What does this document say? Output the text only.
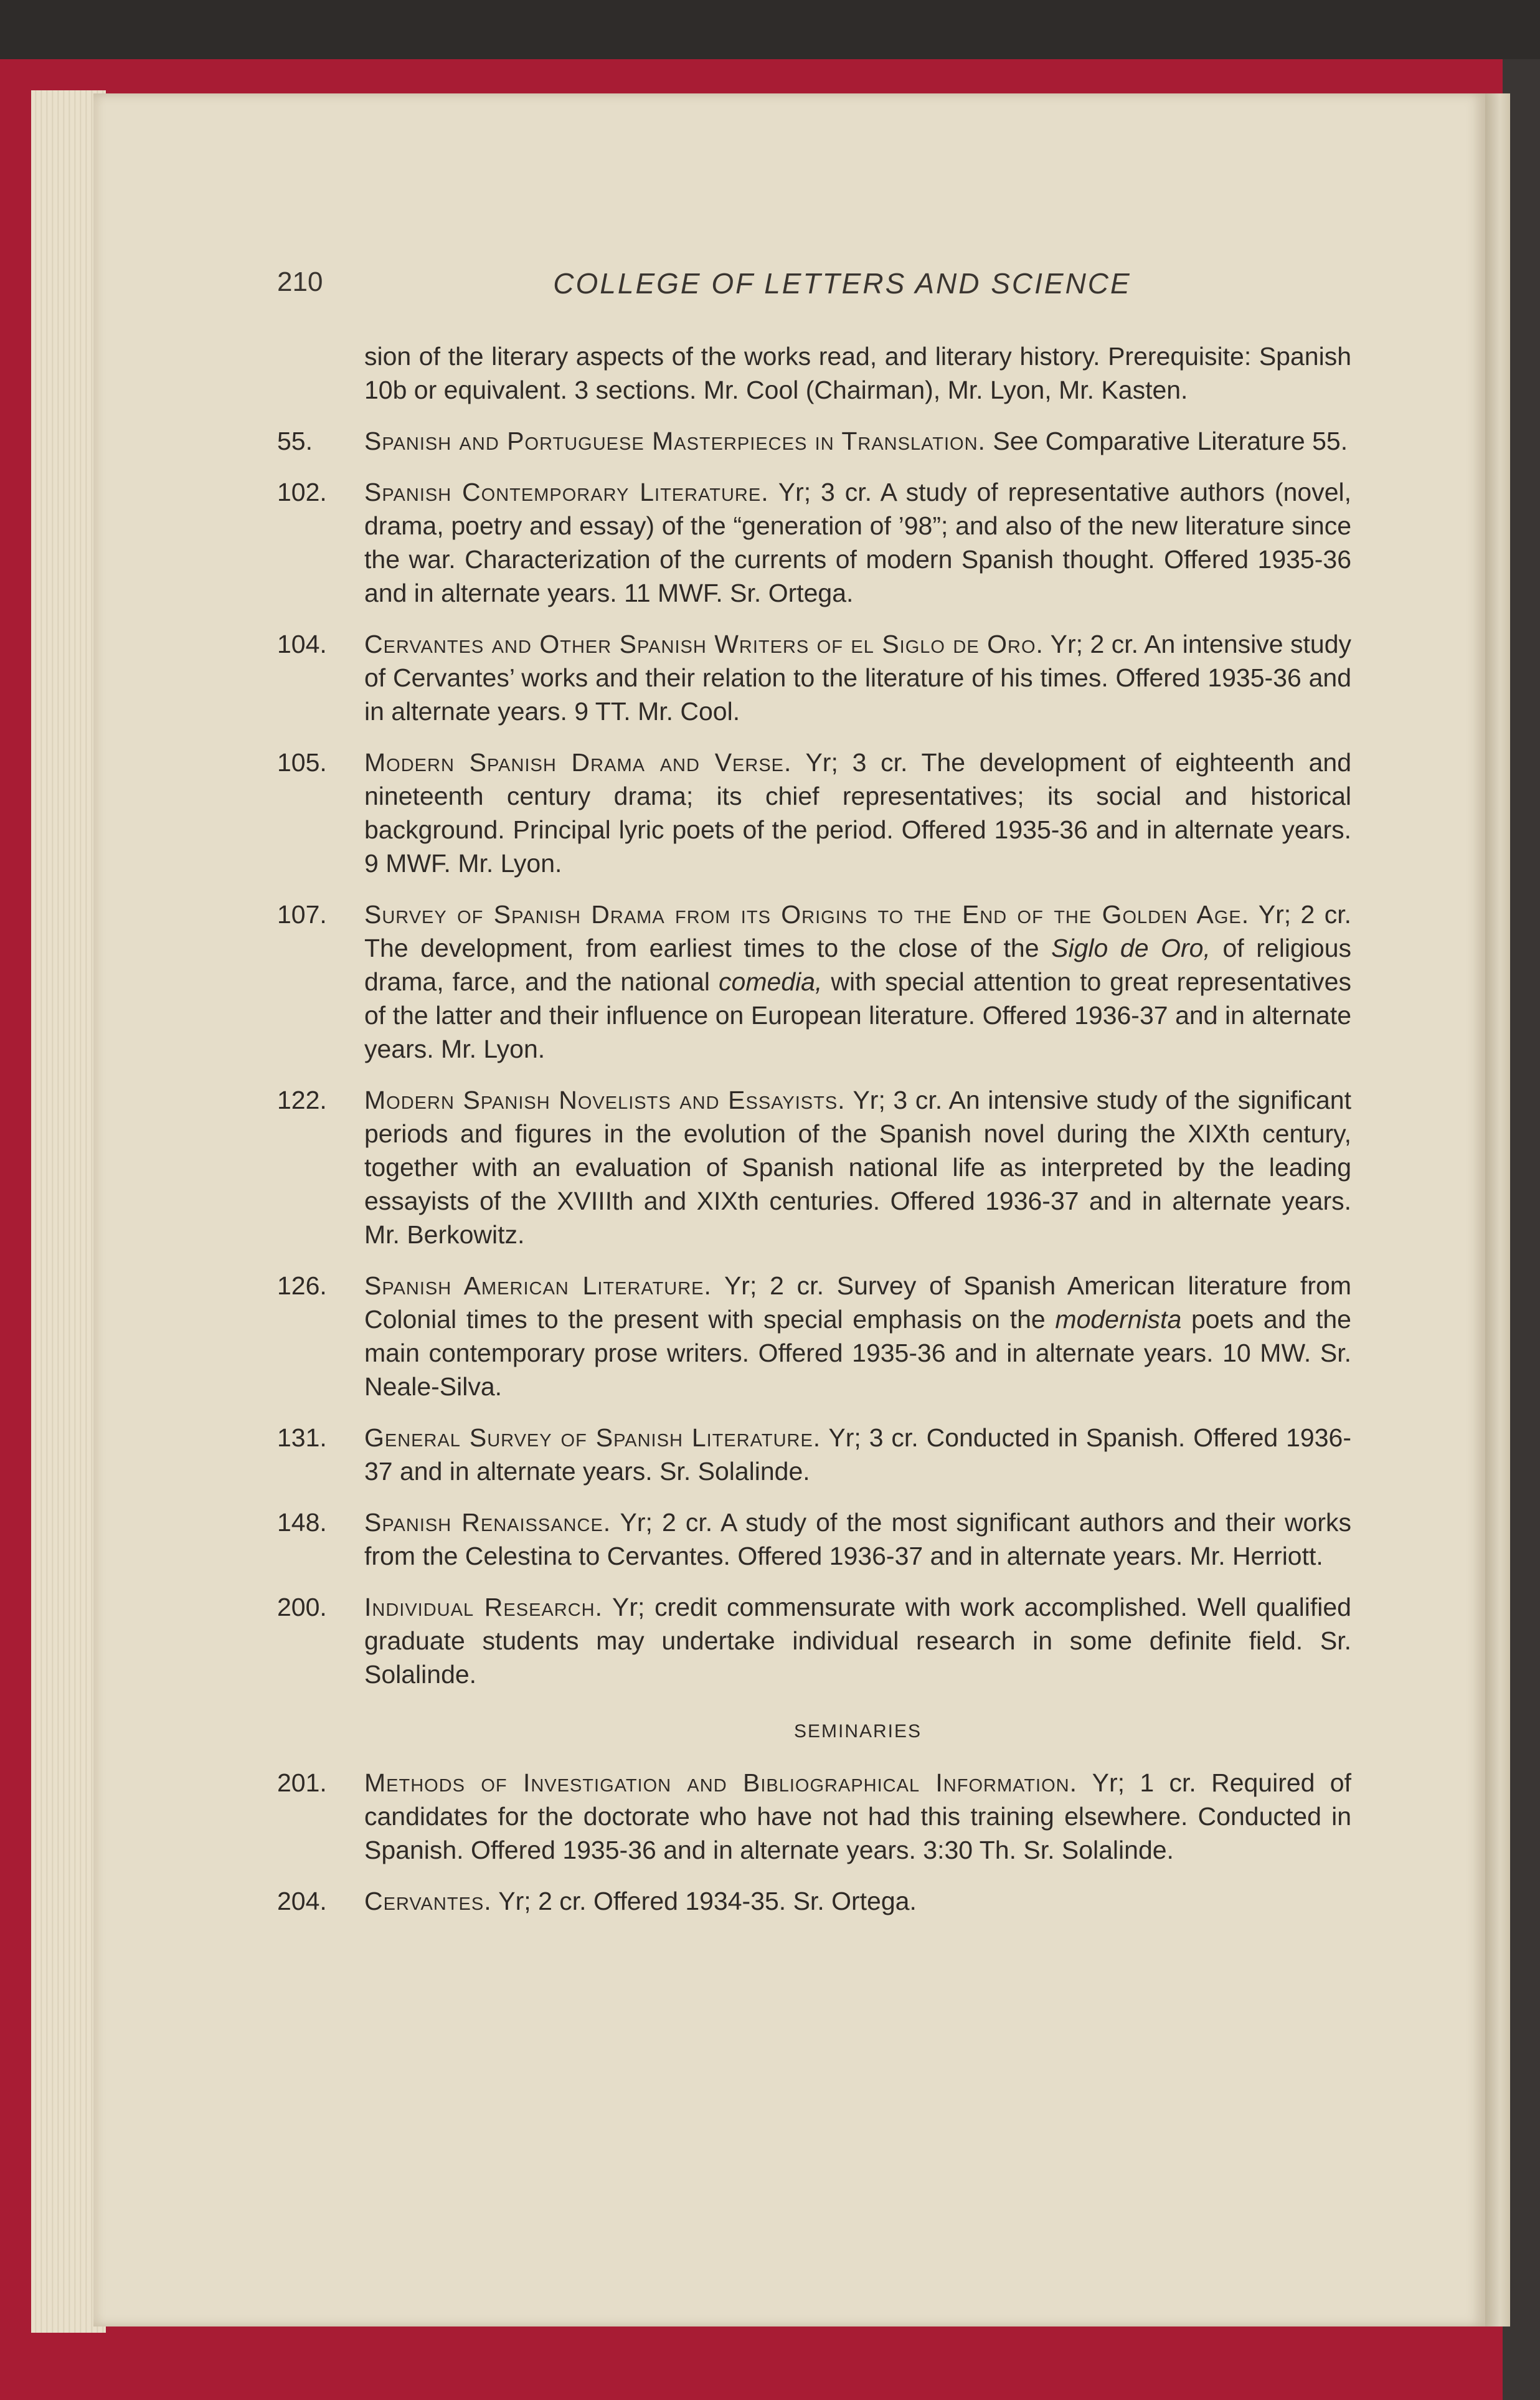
210	COLLEGE OF LETTERS AND SCIENCE

sion of the literary aspects of the works read, and literary history. Prerequisite: Spanish 10b or equivalent. 3 sections. Mr. Cool (Chairman), Mr. Lyon, Mr. Kasten.

55.	Spanish and Portuguese Masterpieces in Translation. See Comparative Literature 55.
102.	Spanish Contemporary Literature. Yr; 3 cr. A study of representative authors (novel, drama, poetry and essay) of the “generation of ’98”; and also of the new literature since the war. Characterization of the currents of modern Spanish thought. Offered 1935-36 and in alternate years. 11 MWF. Sr. Ortega.
104.	Cervantes and Other Spanish Writers of el Siglo de Oro. Yr; 2 cr. An intensive study of Cervantes’ works and their relation to the literature of his times. Offered 1935-36 and in alternate years. 9 TT. Mr. Cool.
105.	Modern Spanish Drama and Verse. Yr; 3 cr. The development of eighteenth and nineteenth century drama; its chief representatives; its social and historical background. Principal lyric poets of the period. Offered 1935-36 and in alternate years. 9 MWF. Mr. Lyon.
107.	Survey of Spanish Drama from its Origins to the End of the Golden Age. Yr; 2 cr. The development, from earliest times to the close of the Siglo de Oro, of religious drama, farce, and the national comedia, with special attention to great representatives of the latter and their influence on European literature. Offered 1936-37 and in alternate years. Mr. Lyon.
122.	Modern Spanish Novelists and Essayists. Yr; 3 cr. An intensive study of the significant periods and figures in the evolution of the Spanish novel during the XIXth century, together with an evaluation of Spanish national life as interpreted by the leading essayists of the XVIIIth and XIXth centuries. Offered 1936-37 and in alternate years. Mr. Berkowitz.
126.	Spanish American Literature. Yr; 2 cr. Survey of Spanish American literature from Colonial times to the present with special emphasis on the modernista poets and the main contemporary prose writers. Offered 1935-36 and in alternate years. 10 MW. Sr. Neale-Silva.
131.	General Survey of Spanish Literature. Yr; 3 cr. Conducted in Spanish. Offered 1936-37 and in alternate years. Sr. Solalinde.
148.	Spanish Renaissance. Yr; 2 cr. A study of the most significant authors and their works from the Celestina to Cervantes. Offered 1936-37 and in alternate years. Mr. Herriott.
200.	Individual Research. Yr; credit commensurate with work accomplished. Well qualified graduate students may undertake individual research in some definite field. Sr. Solalinde.
SEMINARIES
201.	Methods of Investigation and Bibliographical Information. Yr; 1 cr. Required of candidates for the doctorate who have not had this training elsewhere. Conducted in Spanish. Offered 1935-36 and in alternate years. 3:30 Th. Sr. Solalinde.
204.	Cervantes. Yr; 2 cr. Offered 1934-35. Sr. Ortega.
